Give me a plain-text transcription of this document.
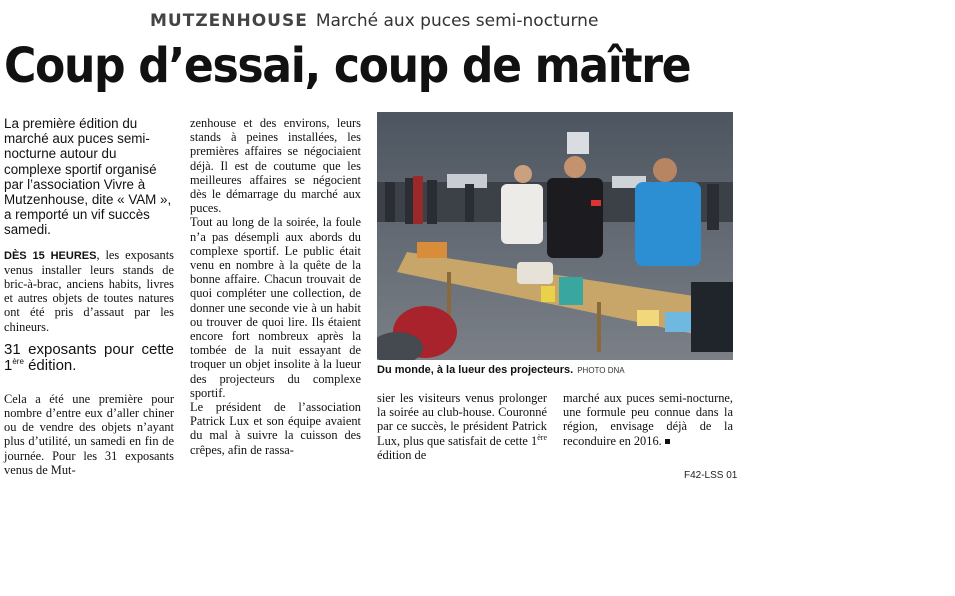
MUTZENHOUSE Marché aux puces semi-nocturne
Coup d’essai, coup de maître
La première édition du marché aux puces semi-nocturne autour du complexe sportif organisé par l’association Vivre à Mutzenhouse, dite « VAM », a remporté un vif succès samedi.
DÈS 15 HEURES, les exposants venus installer leurs stands de bric-à-brac, anciens habits, livres et autres objets de toutes natures ont été pris d’assaut par les chineurs.
31 exposants pour cette 1ère édition.
Cela a été une première pour nombre d’entre eux d’aller chiner ou de vendre des objets n’ayant plus d’utilité, un samedi en fin de journée. Pour les 31 exposants venus de Mut-
zenhouse et des environs, leurs stands à peines installées, les premières affaires se négociaient déjà. Il est de coutume que les meilleures affaires se négocient dès le démarrage du marché aux puces.
Tout au long de la soirée, la foule n’a pas désempli aux abords du complexe sportif. Le public était venu en nombre à la quête de la bonne affaire. Chacun trouvait de quoi compléter une collection, de donner une seconde vie à un habit ou trouver de quoi lire. Ils étaient encore fort nombreux après la tombée de la nuit essayant de troquer un objet insolite à la lueur des projecteurs du complexe sportif.
Le président de l’association Patrick Lux et son équipe avaient du mal à suivre la cuisson des crêpes, afin de rassa-
Du monde, à la lueur des projecteurs. PHOTO DNA
sier les visiteurs venus prolonger la soirée au club-house. Couronné par ce succès, le président Patrick Lux, plus que satisfait de cette 1ère édition de
marché aux puces semi-nocturne, une formule peu connue dans la région, envisage déjà de la reconduire en 2016.
F42-LSS 01
